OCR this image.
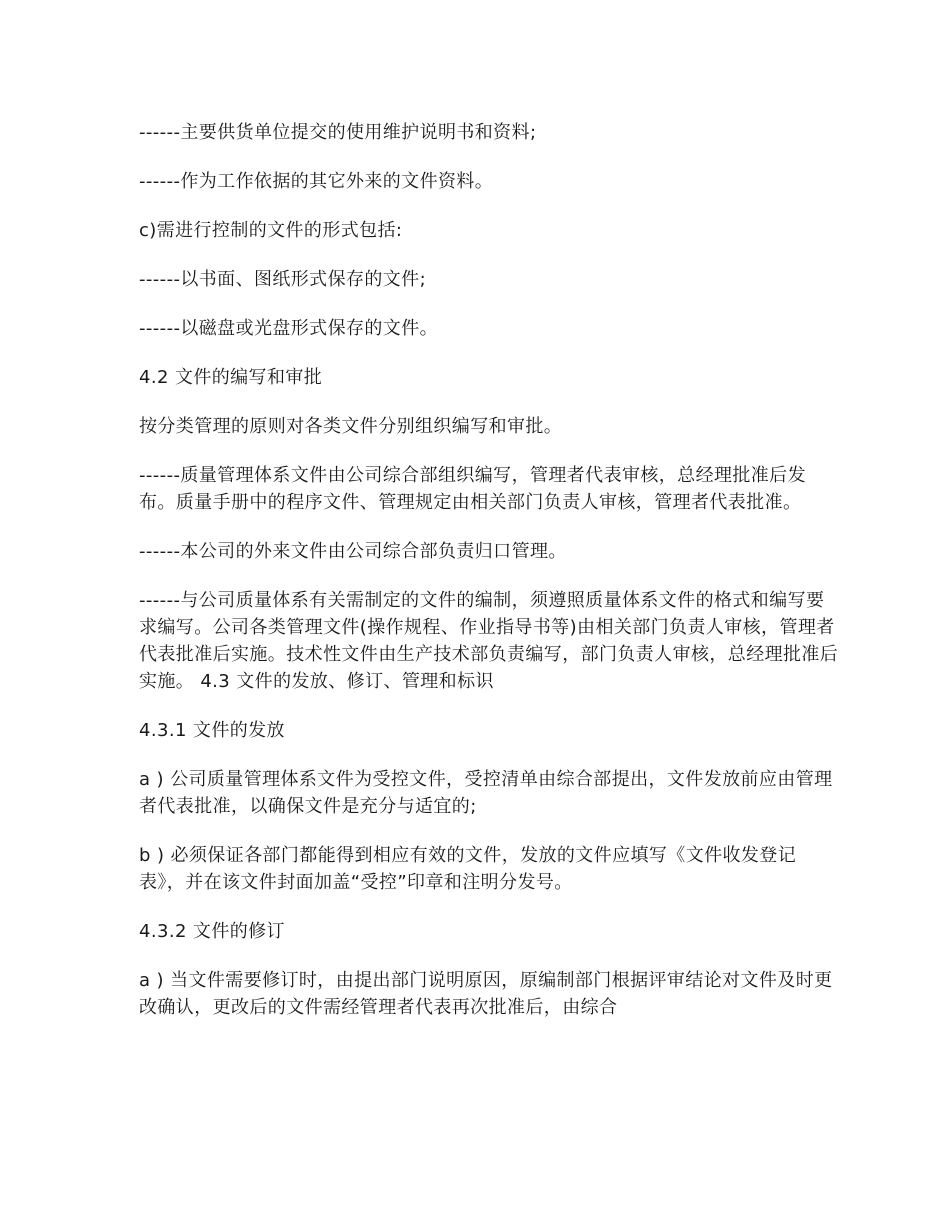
------主要供货单位提交的使用维护说明书和资料;

------作为工作依据的其它外来的文件资料。

c)需进行控制的文件的形式包括:

------以书面、图纸形式保存的文件;

------以磁盘或光盘形式保存的文件。

4.2 文件的编写和审批

按分类管理的原则对各类文件分别组织编写和审批。

------质量管理体系文件由公司综合部组织编写，管理者代表审核，总经理批准后发布。质量手册中的程序文件、管理规定由相关部门负责人审核，管理者代表批准。

------本公司的外来文件由公司综合部负责归口管理。

------与公司质量体系有关需制定的文件的编制，须遵照质量体系文件的格式和编写要求编写。公司各类管理文件(操作规程、作业指导书等)由相关部门负责人审核，管理者代表批准后实施。技术性文件由生产技术部负责编写，部门负责人审核，总经理批准后实施。 4.3 文件的发放、修订、管理和标识

4.3.1 文件的发放

a ) 公司质量管理体系文件为受控文件，受控清单由综合部提出，文件发放前应由管理者代表批准，以确保文件是充分与适宜的;

b ) 必须保证各部门都能得到相应有效的文件，发放的文件应填写《文件收发登记表》，并在该文件封面加盖“受控”印章和注明分发号。

4.3.2 文件的修订

a ) 当文件需要修订时，由提出部门说明原因，原编制部门根据评审结论对文件及时更改确认，更改后的文件需经管理者代表再次批准后，由综合
